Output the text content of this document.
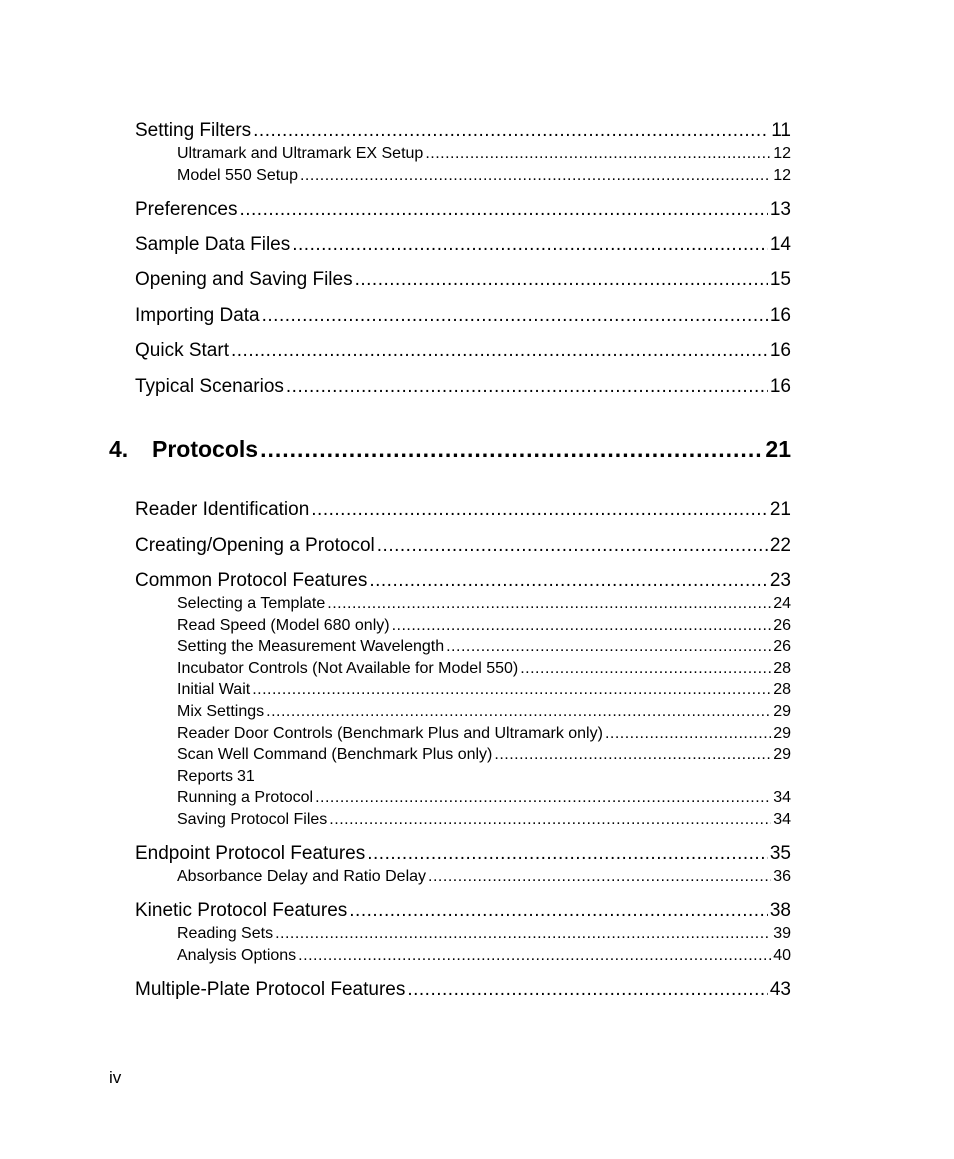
Setting Filters .....	11
Ultramark and Ultramark EX Setup .....	12
Model 550 Setup .....	12
Preferences .....	13
Sample Data Files .....	14
Opening and Saving Files .....	15
Importing Data .....	16
Quick Start .....	16
Typical Scenarios .....	16
4. Protocols .....	21
Reader Identification .....	21
Creating/Opening a Protocol .....	22
Common Protocol Features .....	23
Selecting a Template .....	24
Read Speed (Model 680 only) .....	26
Setting the Measurement Wavelength .....	26
Incubator Controls (Not Available for Model 550) .....	28
Initial Wait .....	28
Mix Settings .....	29
Reader Door Controls (Benchmark Plus and Ultramark only) .....	29
Scan Well Command (Benchmark Plus only) .....	29
Reports 31
Running a Protocol .....	34
Saving Protocol Files .....	34
Endpoint Protocol Features .....	35
Absorbance Delay and Ratio Delay .....	36
Kinetic Protocol Features .....	38
Reading Sets .....	39
Analysis Options .....	40
Multiple-Plate Protocol Features .....	43
iv
